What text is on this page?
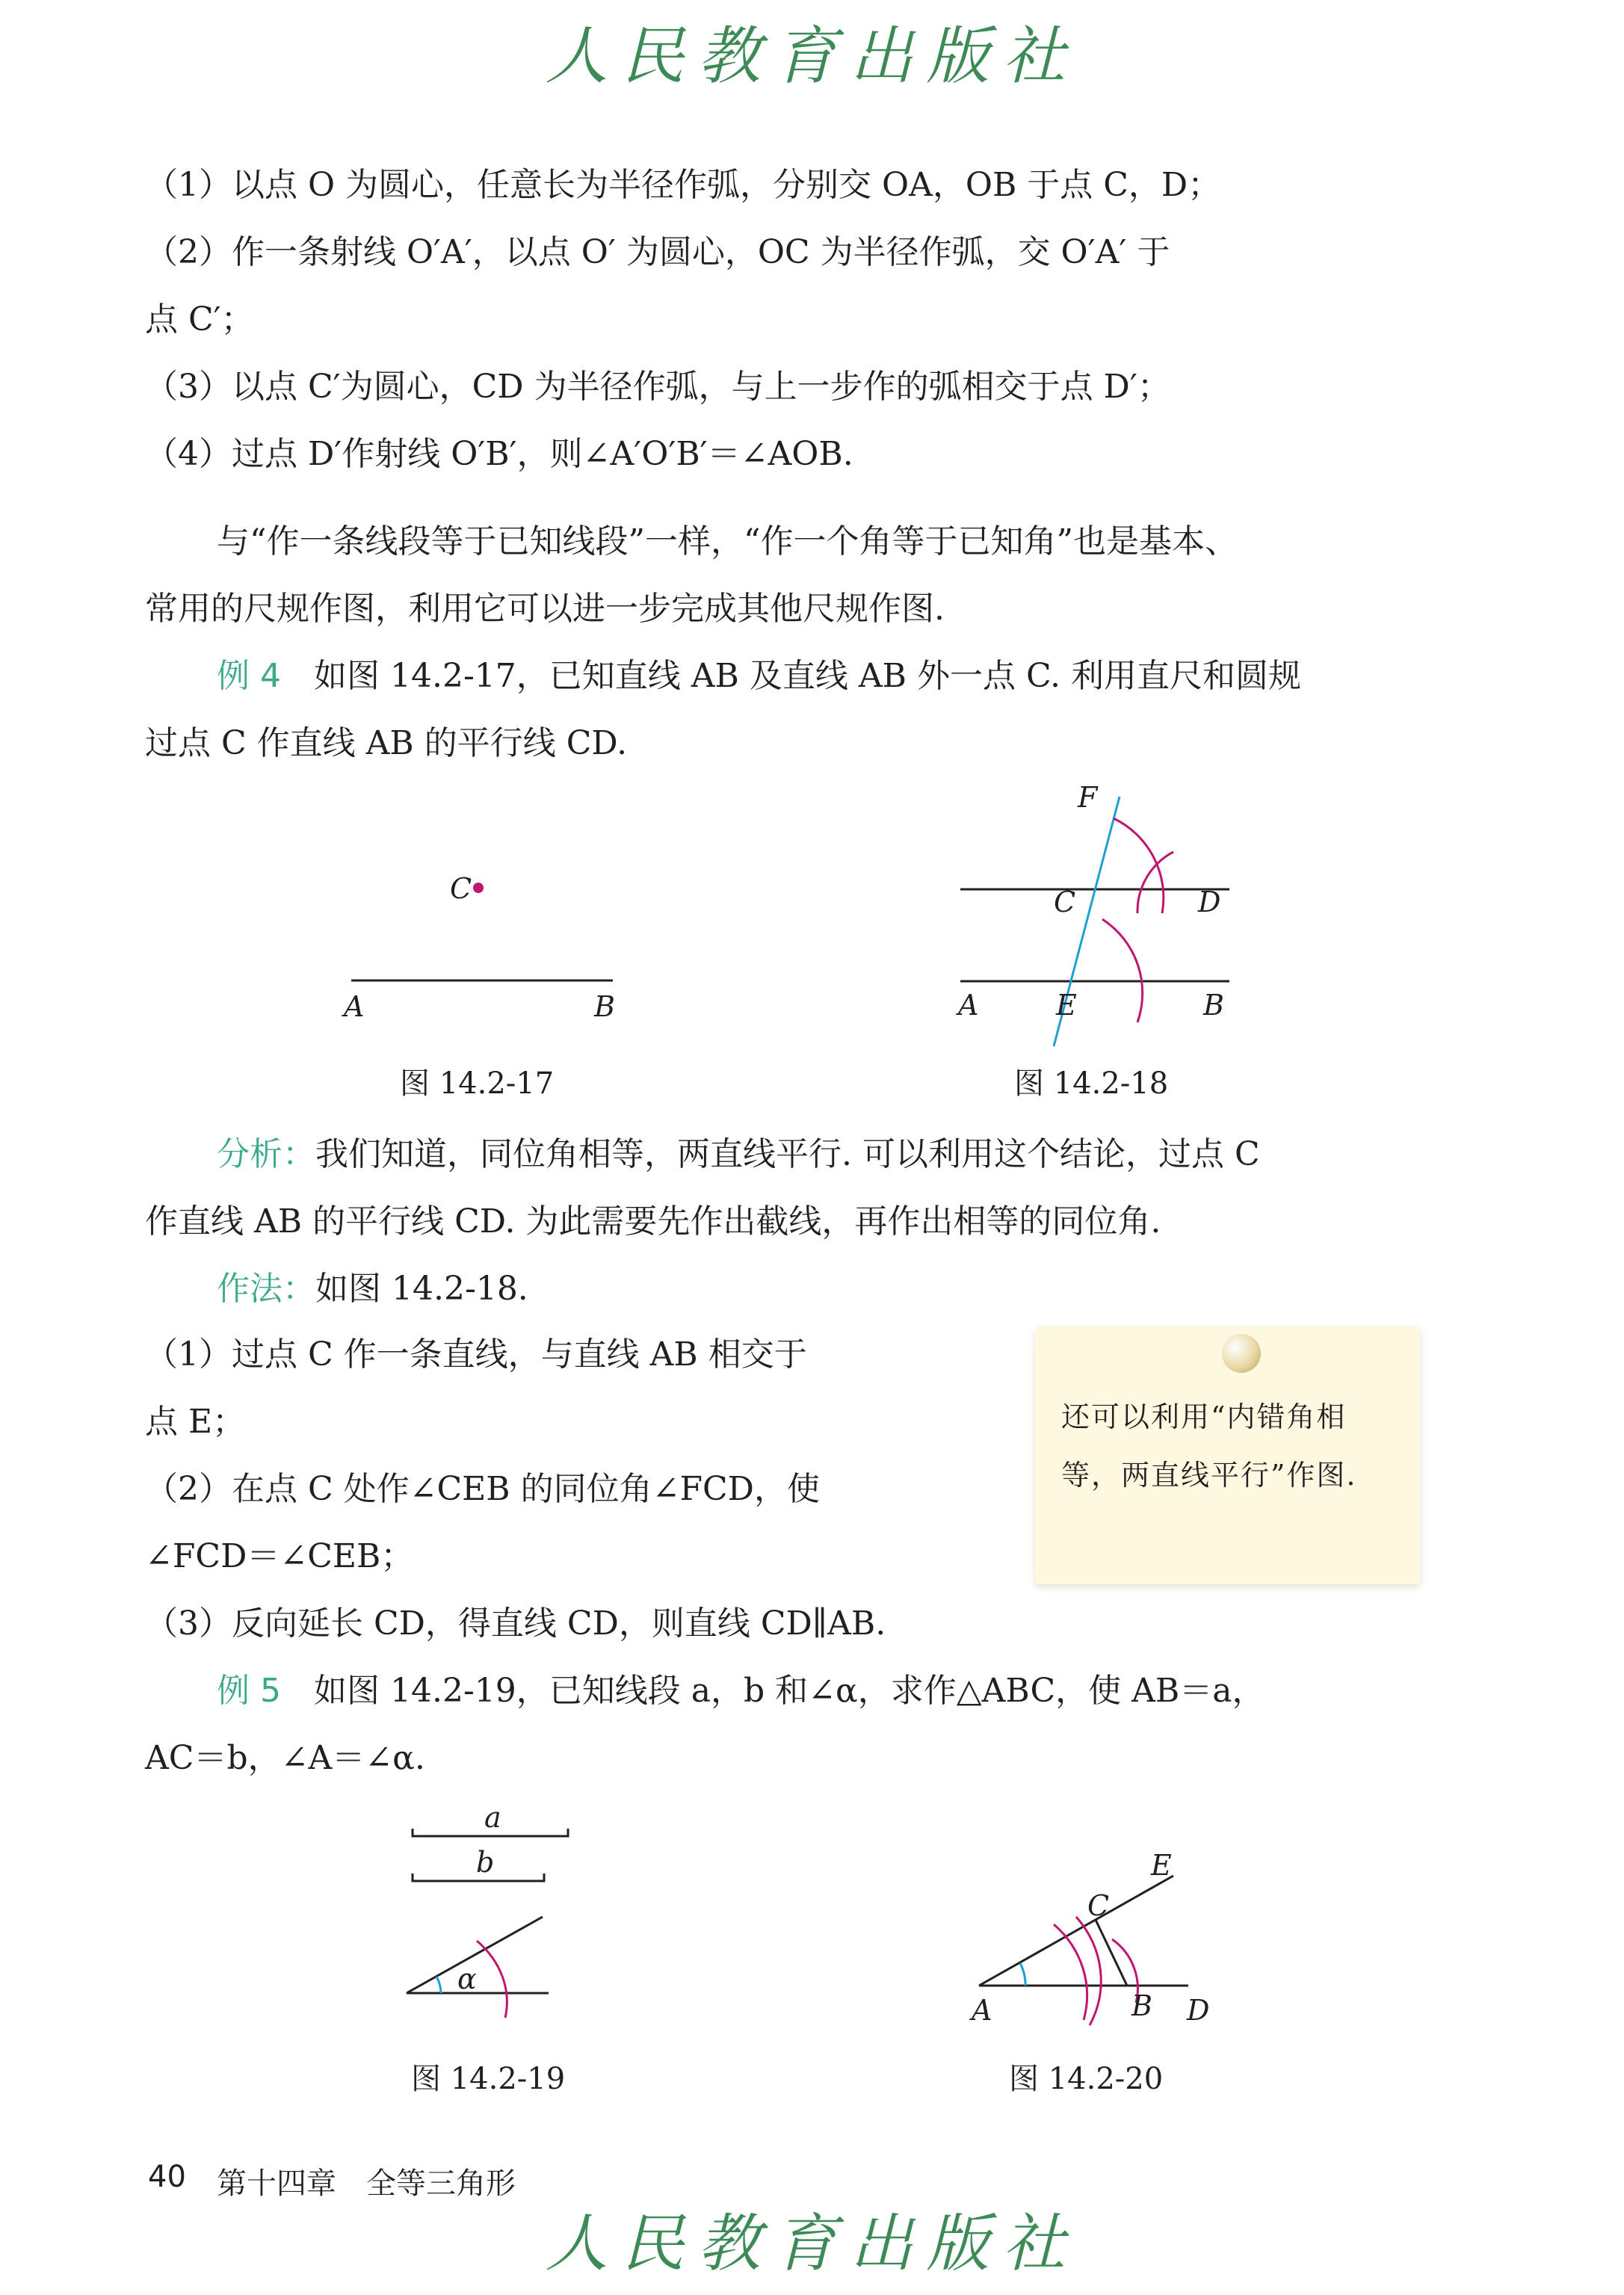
人民教育出版社
（1）以点 O 为圆心，任意长为半径作弧，分别交 OA，OB 于点 C，D；
（2）作一条射线 O′A′，以点 O′ 为圆心，OC 为半径作弧，交 O′A′ 于
点 C′；
（3）以点 C′为圆心，CD 为半径作弧，与上一步作的弧相交于点 D′；
（4）过点 D′作射线 O′B′，则∠A′O′B′＝∠AOB.
与“作一条线段等于已知线段”一样，“作一个角等于已知角”也是基本、
常用的尺规作图，利用它可以进一步完成其他尺规作图.
例 4　 如图 14.2-17，已知直线 AB 及直线 AB 外一点 C. 利用直尺和圆规
过点 C 作直线 AB 的平行线 CD.
C
A	B
图 14.2-17
F
C	D
A	E	B
图 14.2-18
分析：我们知道，同位角相等，两直线平行. 可以利用这个结论，过点 C
作直线 AB 的平行线 CD. 为此需要先作出截线，再作出相等的同位角.
作法：如图 14.2-18.
（1）过点 C 作一条直线，与直线 AB 相交于
点 E；
（2）在点 C 处作∠CEB 的同位角∠FCD，使
∠FCD＝∠CEB；
（3）反向延长 CD，得直线 CD，则直线 CD∥AB.
还可以利用“内错角相等，两直线平行”作图.
例 5　 如图 14.2-19，已知线段 a，b 和∠α，求作△ABC，使 AB＝a，
AC＝b，∠A＝∠α.
a
b
α
图 14.2-19
E
C
A	B D
图 14.2-20
40 第十四章　全等三角形
人民教育出版社
